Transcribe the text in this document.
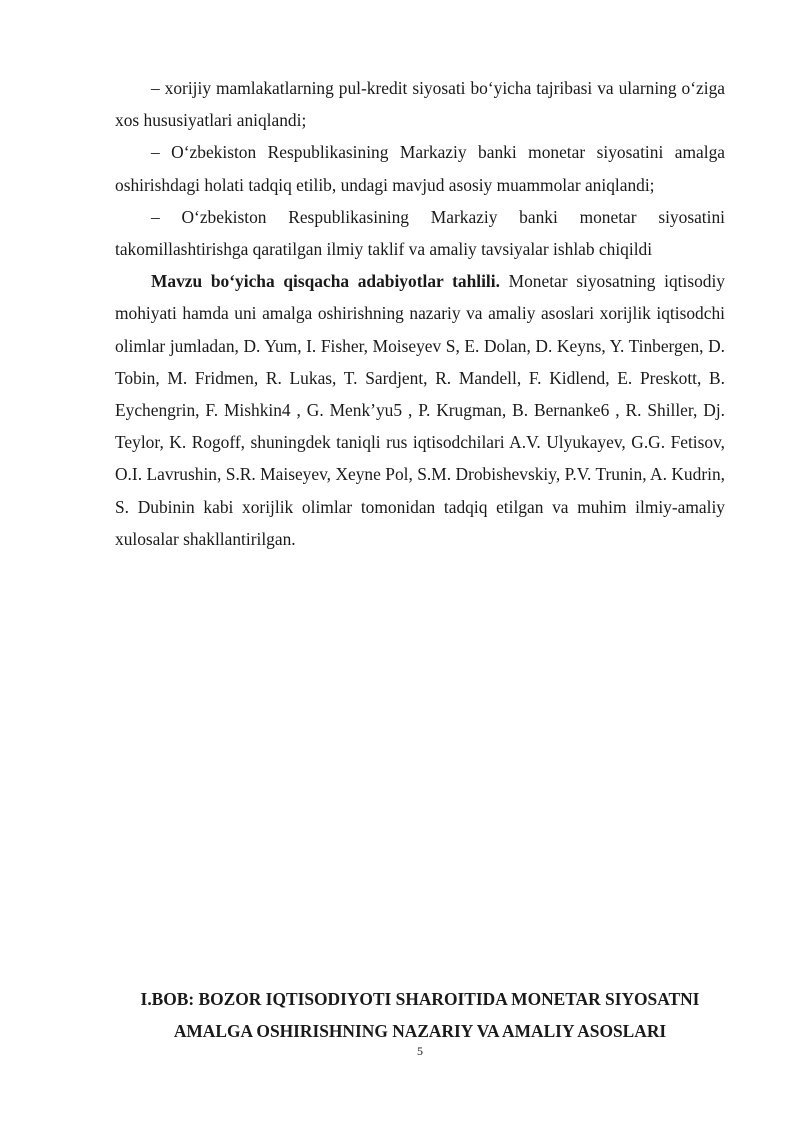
– xorijiy mamlakatlarning pul-kredit siyosati bo‘yicha tajribasi va ularning o‘ziga xos hususiyatlari aniqlandi;

– O‘zbekiston Respublikasining Markaziy banki monetar siyosatini amalga oshirishdagi holati tadqiq etilib, undagi mavjud asosiy muammolar aniqlandi;

– O‘zbekiston Respublikasining Markaziy banki monetar siyosatini takomillashtirishga qaratilgan ilmiy taklif va amaliy tavsiyalar ishlab chiqildi

Mavzu bo‘yicha qisqacha adabiyotlar tahlili. Monetar siyosatning iqtisodiy mohiyati hamda uni amalga oshirishning nazariy va amaliy asoslari xorijlik iqtisodchi olimlar jumladan, D. Yum, I. Fisher, Moiseyev S, E. Dolan, D. Keyns, Y. Tinbergen, D. Tobin, M. Fridmen, R. Lukas, T. Sardjent, R. Mandell, F. Kidlend, E. Preskott, B. Eychengrin, F. Mishkin4 , G. Menk’yu5 , P. Krugman, B. Bernanke6 , R. Shiller, Dj. Teylor, K. Rogoff, shuningdek taniqli rus iqtisodchilari A.V. Ulyukayev, G.G. Fetisov, O.I. Lavrushin, S.R. Maiseyev, Xeyne Pol, S.M. Drobishevskiy, P.V. Trunin, A. Kudrin, S. Dubinin kabi xorijlik olimlar tomonidan tadqiq etilgan va muhim ilmiy-amaliy xulosalar shakllantirilgan.

I.BOB: BOZOR IQTISODIYOTI SHAROITIDA MONETAR SIYOSATNI
AMALGA OSHIRISHNING NAZARIY VA AMALIY ASOSLARI
5
